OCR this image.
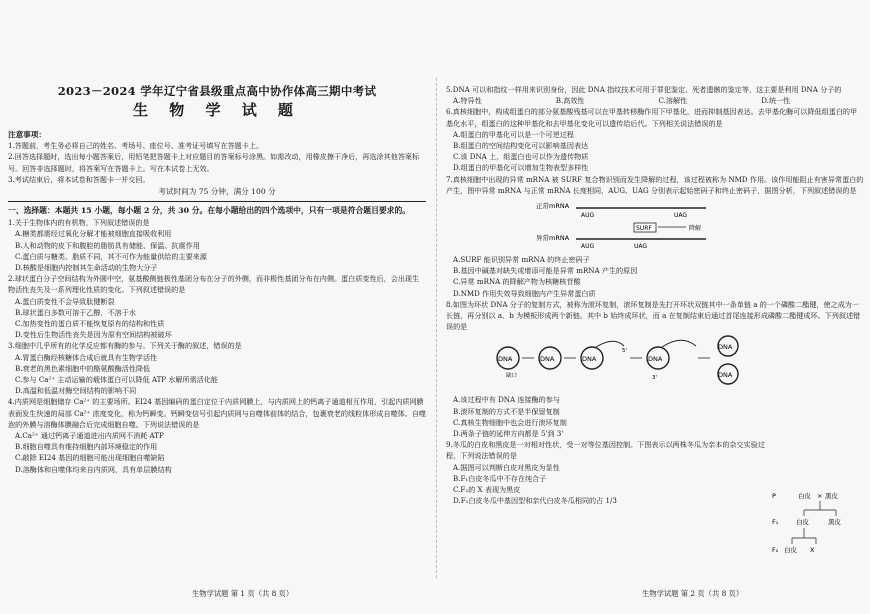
2023－2024 学年辽宁省县级重点高中协作体高三期中考试
生 物 学 试 题
注意事项：
1.答题前，考生务必将自己的姓名、考场号、座位号、准考证号填写在答题卡上。
2.回答选择题时，选出每小题答案后，用铅笔把答题卡上对应题目的答案标号涂黑。如需改动，用橡皮擦干净后，再选涂其他答案标号。回答非选择题时，将答案写在答题卡上。写在本试卷上无效。
3.考试结束后，将本试卷和答题卡一并交回。
考试时间为 75 分钟，满分 100 分
一、选择题：本题共 15 小题，每小题 2 分，共 30 分。在每小题给出的四个选项中，只有一项是符合题目要求的。
1.关于生物体内的有机物，下列叙述错误的是
A.糖类都需经过氧化分解才能被细胞直接吸收利用
B.人和动物的皮下和腹腔的脂肪具有储能、保温、抗震作用
C.蛋白质与糖类、脂质不同，其不可作为能量供给的主要来源
D.核酸是细胞内控制其生命活动的生物大分子
2.球状蛋白分子空间结构为外圆中空，氨基酸侧链极性基团分布在分子的外侧，而非极性基团分布在内侧。蛋白质变性后，会出现生物活性丧失及一系列理化性质的变化。下列叙述错误的是
A.蛋白质变性不会导致肽键断裂
B.球状蛋白多数可溶于乙醇，不溶于水
C.加热变性的蛋白质不能恢复原有的结构和性质
D.变性后生物活性丧失是因为原有空间结构被破坏
3.细胞中几乎所有的化学反应都有酶的参与。下列关于酶的叙述，错误的是
A.胃蛋白酶经核糖体合成后就具有生物学活性
B.衰老的黑色素细胞中的酪氨酸酶活性降低
C.参与 Ca²⁺ 主动运输的载体蛋白可以降低 ATP 水解所需活化能
D.高温和低温对酶空间结构的影响不同
4.内质网是细胞储存 Ca²⁺ 的主要场所。EI24 基因编码的蛋白定位于内质网膜上，与内质网上的钙离子通道相互作用，引起内质网膜表面发生快速的局部 Ca²⁺ 浓度变化，称为钙瞬变。钙瞬变信号引起内质网与自噬体前体的结合，包裹衰老的线粒体形成自噬体。自噬泡的外膜与溶酶体膜融合后完成细胞自噬。下列说法错误的是
A.Ca²⁺ 通过钙离子通道进出内质网不消耗 ATP
B.细胞自噬具有维持细胞内部环境稳定的作用
C.敲除 EI24 基因的细胞可能出现细胞自噬缺陷
D.溶酶体和自噬体均来自内质网，具有单层膜结构
5.DNA 可以和指纹一样用来识别身份，因此 DNA 指纹技术可用于罪犯鉴定、死者遗骸的鉴定等，这主要是利用 DNA 分子的
A.特异性	B.高效性	C.溶解性	D.统一性
6.真核细胞中，构成组蛋白的部分氨基酸残基可以在甲基转移酶作用下甲基化，进而抑制基因表达。去甲基化酶可以降低组蛋白的甲基化水平，组蛋白的这种甲基化和去甲基化变化可以遗传给后代。下列相关说法错误的是
A.组蛋白的甲基化可以是一个可逆过程
B.组蛋白的空间结构变化可以影响基因表达
C.该 DNA 上，组蛋白也可以作为遗传物质
D.组蛋白的甲基化可以增加生物表型多样性
7.真核细胞中出现的异常 mRNA 被 SURF 复合物识别而发生降解的过程，该过程被称为 NMD 作用。该作用能阻止有害异常蛋白的产生，图中异常 mRNA 与正常 mRNA 长度相同，AUG、UAG 分别表示起始密码子和终止密码子，据图分析，下列叙述错误的是
正常mRNA
AUG	UAG
异常mRNA
SURF
AUG	UAG
降解
A.SURF 能识别异常 mRNA 的终止密码子
B.基因中碱基对缺失或增添可能是异常 mRNA 产生的原因
C.异常 mRNA 的降解产物为核糖核苷酸
D.NMD 作用失效导致细胞内产生异常蛋白质
8.如图为环状 DNA 分子的复制方式，被称为滚环复制，滚环复制是先打开环状双链其中一条单链 a 的一个磷酸二酯键，使之成为一长链，再分别以 a、b 为模板形成两个新链。其中 b 始终成环状，而 a 在复制结束后通过首尾连接形成磷酸二酯键成环。下列叙述错误的是
DNA
缺口
DNA	DNA
5'
DNA
3'
DNA
DNA
A.该过程中有 DNA 连接酶的参与
B.滚环复制的方式不是半保留复制
C.真核生物细胞中也会进行滚环复制
D.两条子链的延伸方向都是 5'到 3'
9.冬瓜的白皮和黑皮是一对相对性状，受一对等位基因控制。下图表示以两株冬瓜为亲本的杂交实验过程，下列说法错误的是
A.据图可以判断白皮对黑皮为显性
B.F₁白皮冬瓜中不存在纯合子
C.F₂的 X 表现为黑皮
D.F₁白皮冬瓜中基因型和亲代白皮冬瓜相同的占 1/3
P	白皮 × 黑皮
F₁	白皮	黑皮
F₂ 白皮 X
生物学试题 第 1 页（共 8 页）	生物学试题 第 2 页（共 8 页）
